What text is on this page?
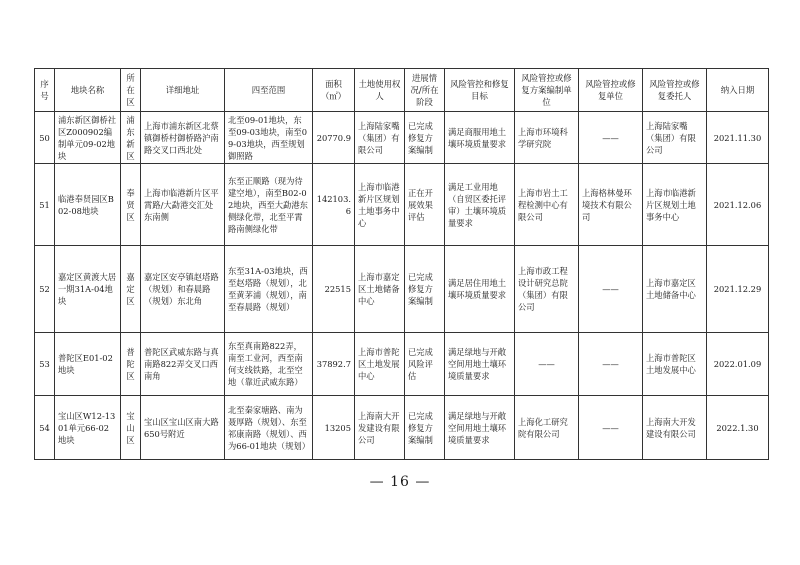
序号	地块名称	所在区	详细地址	四至范围	面积（㎡）	土地使用权人	进展情况/所在阶段	风险管控和修复目标	风险管控或修复方案编制单位	风险管控或修复单位	风险管控或修复委托人	纳入日期
50	浦东新区御桥社区Z000902编制单元09-02地块	浦东新区	上海市浦东新区北蔡镇御桥村御桥路沪南路交叉口西北处	北至09-01地块，东至09-03地块，南至09-03地块，西至规划御照路	20770.9	上海陆家嘴（集团）有限公司	已完成修复方案编制	满足商服用地土壤环境质量要求	上海市环境科学研究院	——	上海陆家嘴（集团）有限公司	2021.11.30
51	临港奉贤园区B02-08地块	奉贤区	上海市临港新片区平霄路/大勐港交汇处东南侧	东至正顺路（现为待建空地），南至B02-02地块，西至大勐港东侧绿化带，北至平霄路南侧绿化带	142103.6	上海市临港新片区规划土地事务中心	正在开展效果评估	满足工业用地（自贸区委托评审）土壤环境质量要求	上海市岩土工程检测中心有限公司	上海格林曼环境技术有限公司	上海市临港新片区规划土地事务中心	2021.12.06
52	嘉定区黄渡大居一期31A-04地块	嘉定区	嘉定区安亭镇赵塔路（规划）和春晨路（规划）东北角	东至31A-03地块，西至赵塔路（规划），北至黄茅浦（规划），南至春晨路（规划）	22515	上海市嘉定区土地储备中心	已完成修复方案编制	满足居住用地土壤环境质量要求	上海市政工程设计研究总院（集团）有限公司	——	上海市嘉定区土地储备中心	2021.12.29
53	普陀区E01-02地块	普陀区	普陀区武威东路与真南路822弄交叉口西南角	东至真南路822弄，南至工业河，西至南何支线铁路，北至空地（靠近武威东路）	37892.7	上海市普陀区土地发展中心	已完成风险评估	满足绿地与开敞空间用地土壤环境质量要求	——	——	上海市普陀区土地发展中心	2022.01.09
54	宝山区W12-1301单元66-02地块	宝山区	宝山区宝山区南大路650号附近	北至秦家塘路、南为聂厚路（规划）、东至祁康南路（规划）、西为66-01地块（规划）	13205	上海南大开发建设有限公司	已完成修复方案编制	满足绿地与开敞空间用地土壤环境质量要求	上海化工研究院有限公司	——	上海南大开发建设有限公司	2022.1.30
— 16 —
